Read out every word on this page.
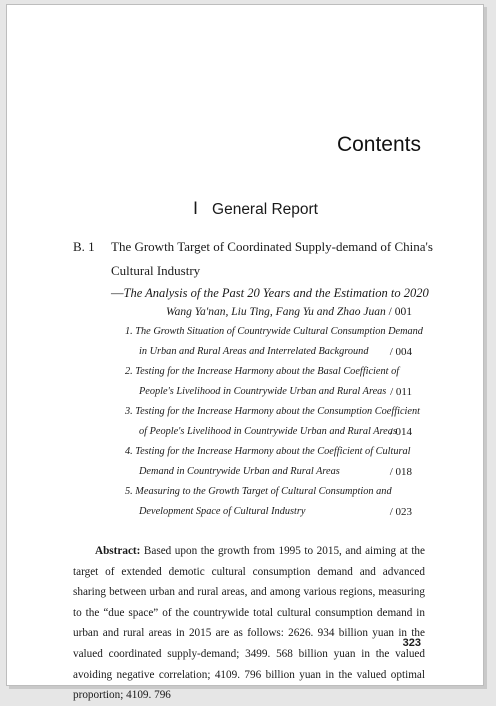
Contents
Ⅰ General Report
B. 1 The Growth Target of Coordinated Supply-demand of China's
Cultural Industry
—The Analysis of the Past 20 Years and the Estimation to 2020
Wang Ya'nan, Liu Ting, Fang Yu and Zhao Juan / 001
1. The Growth Situation of Countrywide Cultural Consumption Demand
in Urban and Rural Areas and Interrelated Background / 004
2. Testing for the Increase Harmony about the Basal Coefficient of
People's Livelihood in Countrywide Urban and Rural Areas / 011
3. Testing for the Increase Harmony about the Consumption Coefficient
of People's Livelihood in Countrywide Urban and Rural Areas
/ 014
4. Testing for the Increase Harmony about the Coefficient of Cultural
Demand in Countrywide Urban and Rural Areas	/ 018
5. Measuring to the Growth Target of Cultural Consumption and
Development Space of Cultural Industry	/ 023
Abstract: Based upon the growth from 1995 to 2015, and aiming at the target of extended demotic cultural consumption demand and advanced sharing between urban and rural areas, and among various regions, measuring to the “due space” of the countrywide total cultural consumption demand in urban and rural areas in 2015 are as follows: 2626. 934 billion yuan in the valued coordinated supply-demand; 3499. 568 billion yuan in the valued avoiding negative correlation; 4109. 796 billion yuan in the valued optimal proportion; 4109. 796
323
